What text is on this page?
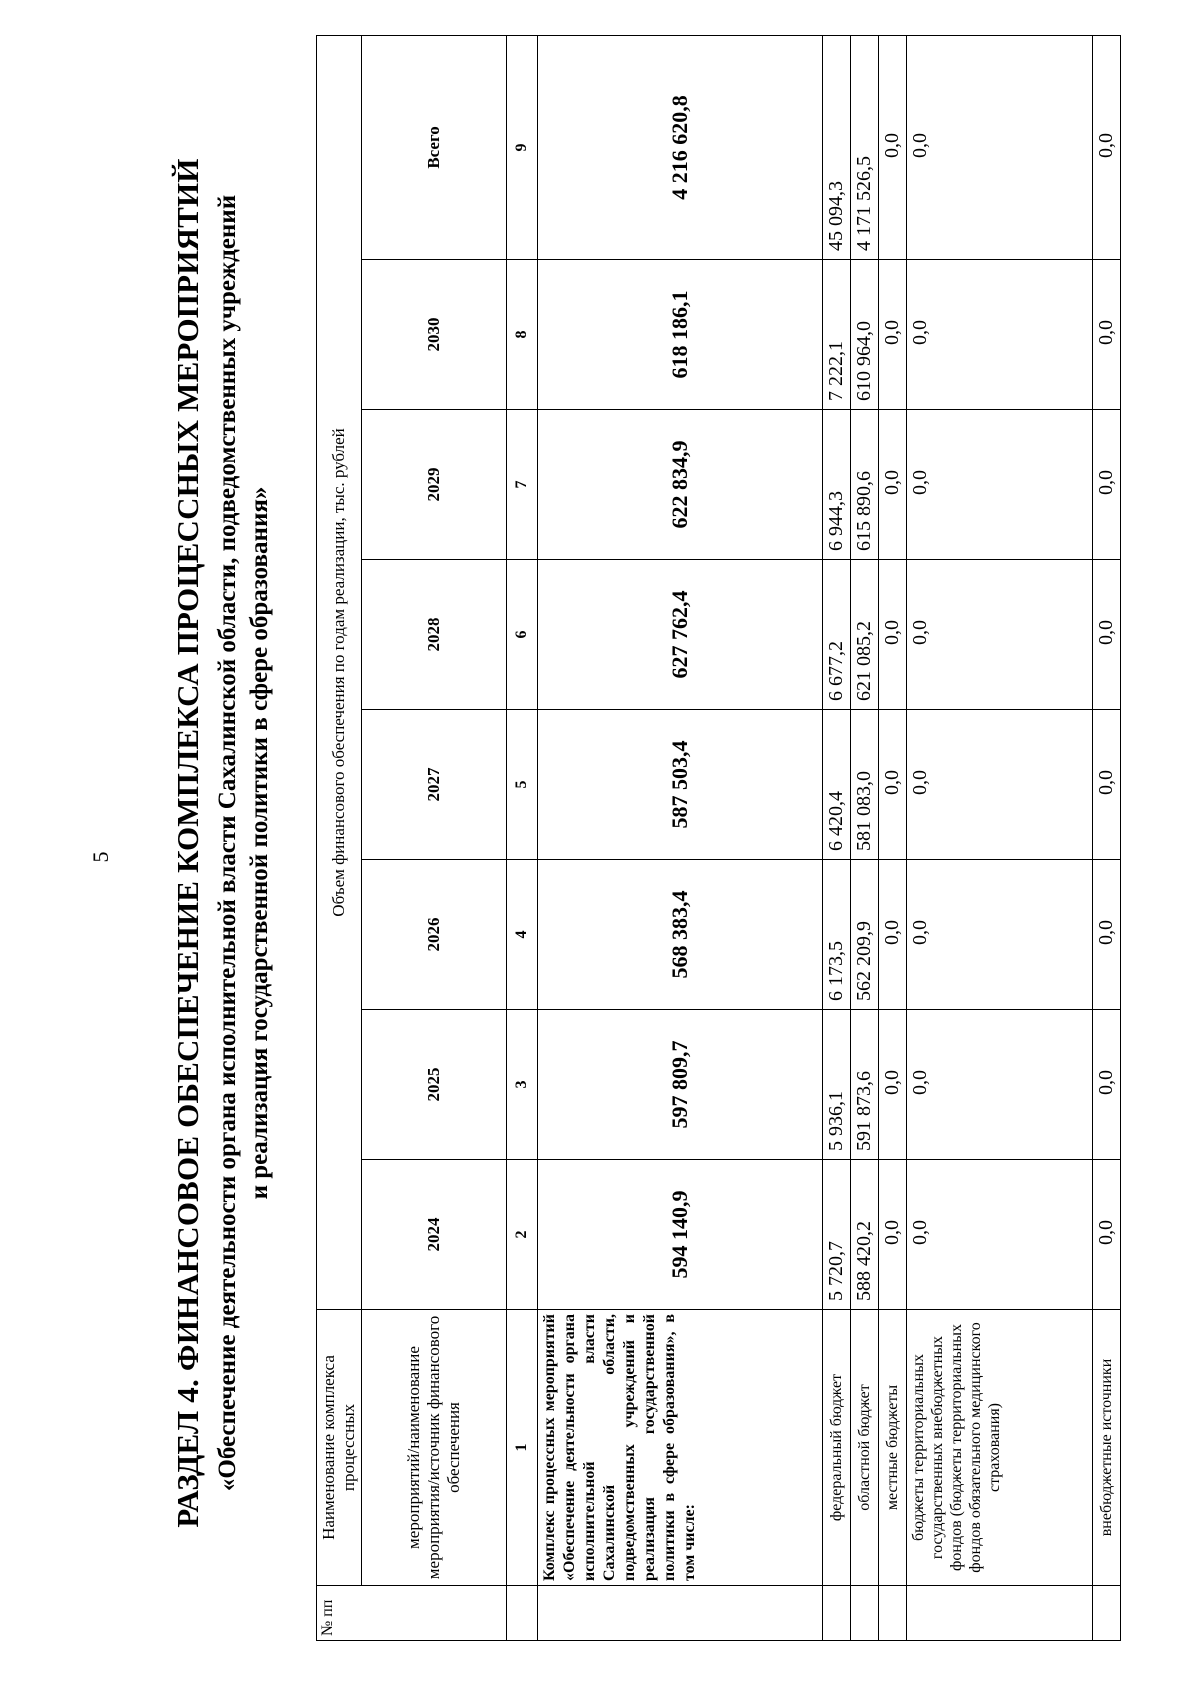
5 РАЗДЕЛ 4. ФИНАНСОВОЕ ОБЕСПЕЧЕНИЕ КОМПЛЕКСА ПРОЦЕССНЫХ МЕРОПРИЯТИЙ «Обеспечение деятельности органа исполнительной власти Сахалинской области, подведомственных учреждений и реализация государственной политики в сфере образования»
№ пп	Наименование комплекса процессных	Объем финансового обеспечения по годам реализации, тыс. рублей							
	мероприятий/наименование мероприятия/источник финансового обеспечения	2024	2025	2026	2027	2028	2029	2030	Всего
	1	2	3	4	5	6	7	8	9
	Комплекс процессных мероприятий «Обеспечение деятельности органа исполнительной власти Сахалинской области, подведомственных учреждений и реализация государственной политики в сфере образования», в том числе:	594 140,9	597 809,7	568 383,4	587 503,4	627 762,4	622 834,9	618 186,1	4 216 620,8
	федеральный бюджет	5 720,7	5 936,1	6 173,5	6 420,4	6 677,2	6 944,3	7 222,1	45 094,3
	областной бюджет	588 420,2	591 873,6	562 209,9	581 083,0	621 085,2	615 890,6	610 964,0	4 171 526,5
	местные бюджеты	0,0	0,0	0,0	0,0	0,0	0,0	0,0	0,0
	бюджеты территориальных государственных внебюджетных фондов (бюджеты территориальных фондов обязательного медицинского страхования)	0,0	0,0	0,0	0,0	0,0	0,0	0,0	0,0
	внебюджетные источники	0,0	0,0	0,0	0,0	0,0	0,0	0,0	0,0
